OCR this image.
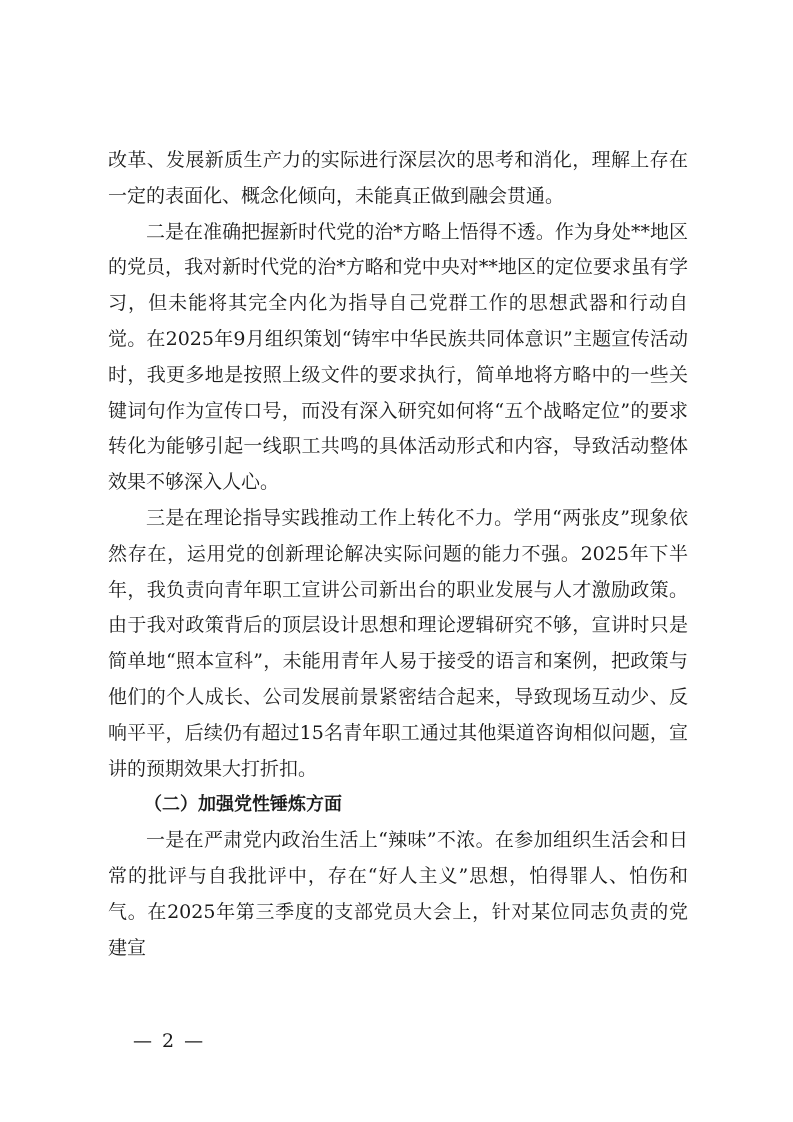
改革、发展新质生产力的实际进行深层次的思考和消化，理解上存在一定的表面化、概念化倾向，未能真正做到融会贯通。

二是在准确把握新时代党的治*方略上悟得不透。作为身处**地区的党员，我对新时代党的治*方略和党中央对**地区的定位要求虽有学习，但未能将其完全内化为指导自己党群工作的思想武器和行动自觉。在2025年9月组织策划“铸牢中华民族共同体意识”主题宣传活动时，我更多地是按照上级文件的要求执行，简单地将方略中的一些关键词句作为宣传口号，而没有深入研究如何将“五个战略定位”的要求转化为能够引起一线职工共鸣的具体活动形式和内容，导致活动整体效果不够深入人心。

三是在理论指导实践推动工作上转化不力。学用“两张皮”现象依然存在，运用党的创新理论解决实际问题的能力不强。2025年下半年，我负责向青年职工宣讲公司新出台的职业发展与人才激励政策。由于我对政策背后的顶层设计思想和理论逻辑研究不够，宣讲时只是简单地“照本宣科”，未能用青年人易于接受的语言和案例，把政策与他们的个人成长、公司发展前景紧密结合起来，导致现场互动少、反响平平，后续仍有超过15名青年职工通过其他渠道咨询相似问题，宣讲的预期效果大打折扣。

（二）加强党性锤炼方面

一是在严肃党内政治生活上“辣味”不浓。在参加组织生活会和日常的批评与自我批评中，存在“好人主义”思想，怕得罪人、怕伤和气。在2025年第三季度的支部党员大会上，针对某位同志负责的党建宣

— 2 —
